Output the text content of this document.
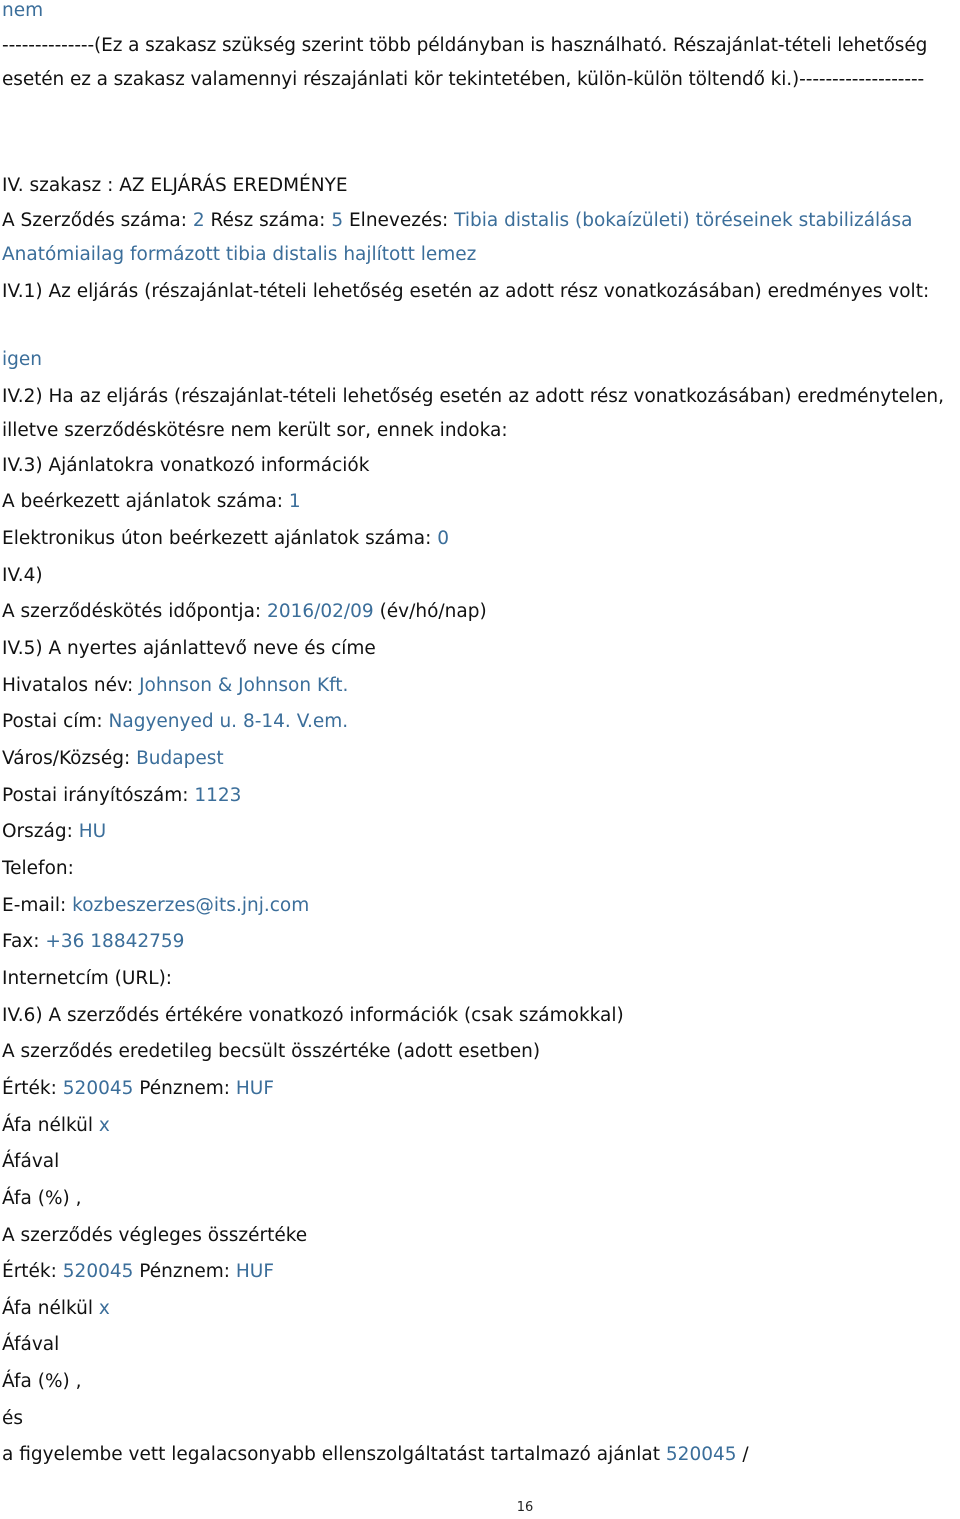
nem
--------------(Ez a szakasz szükség szerint több példányban is használható. Részajánlat-tételi lehetőség esetén ez a szakasz valamennyi részajánlati kör tekintetében, külön-külön töltendő ki.)-------------------
IV. szakasz : AZ ELJÁRÁS EREDMÉNYE
A Szerződés száma: 2 Rész száma: 5 Elnevezés: Tibia distalis (bokaízületi) töréseinek stabilizálása Anatómiailag formázott tibia distalis hajlított lemez
IV.1) Az eljárás (részajánlat-tételi lehetőség esetén az adott rész vonatkozásában) eredményes volt:
igen
IV.2) Ha az eljárás (részajánlat-tételi lehetőség esetén az adott rész vonatkozásában) eredménytelen, illetve szerződéskötésre nem került sor, ennek indoka:
IV.3) Ajánlatokra vonatkozó információk
A beérkezett ajánlatok száma: 1
Elektronikus úton beérkezett ajánlatok száma: 0
IV.4)
A szerződéskötés időpontja: 2016/02/09 (év/hó/nap)
IV.5) A nyertes ajánlattevő neve és címe
Hivatalos név: Johnson & Johnson Kft.
Postai cím: Nagyenyed u. 8-14. V.em.
Város/Község: Budapest
Postai irányítószám: 1123
Ország: HU
Telefon:
E-mail: kozbeszerzes@its.jnj.com
Fax: +36 18842759
Internetcím (URL):
IV.6) A szerződés értékére vonatkozó információk (csak számokkal)
A szerződés eredetileg becsült összértéke (adott esetben)
Érték: 520045 Pénznem: HUF
Áfa nélkül x
Áfával
Áfa (%) ,
A szerződés végleges összértéke
Érték: 520045 Pénznem: HUF
Áfa nélkül x
Áfával
Áfa (%) ,
és
a figyelembe vett legalacsonyabb ellenszolgáltatást tartalmazó ajánlat 520045 /
16
